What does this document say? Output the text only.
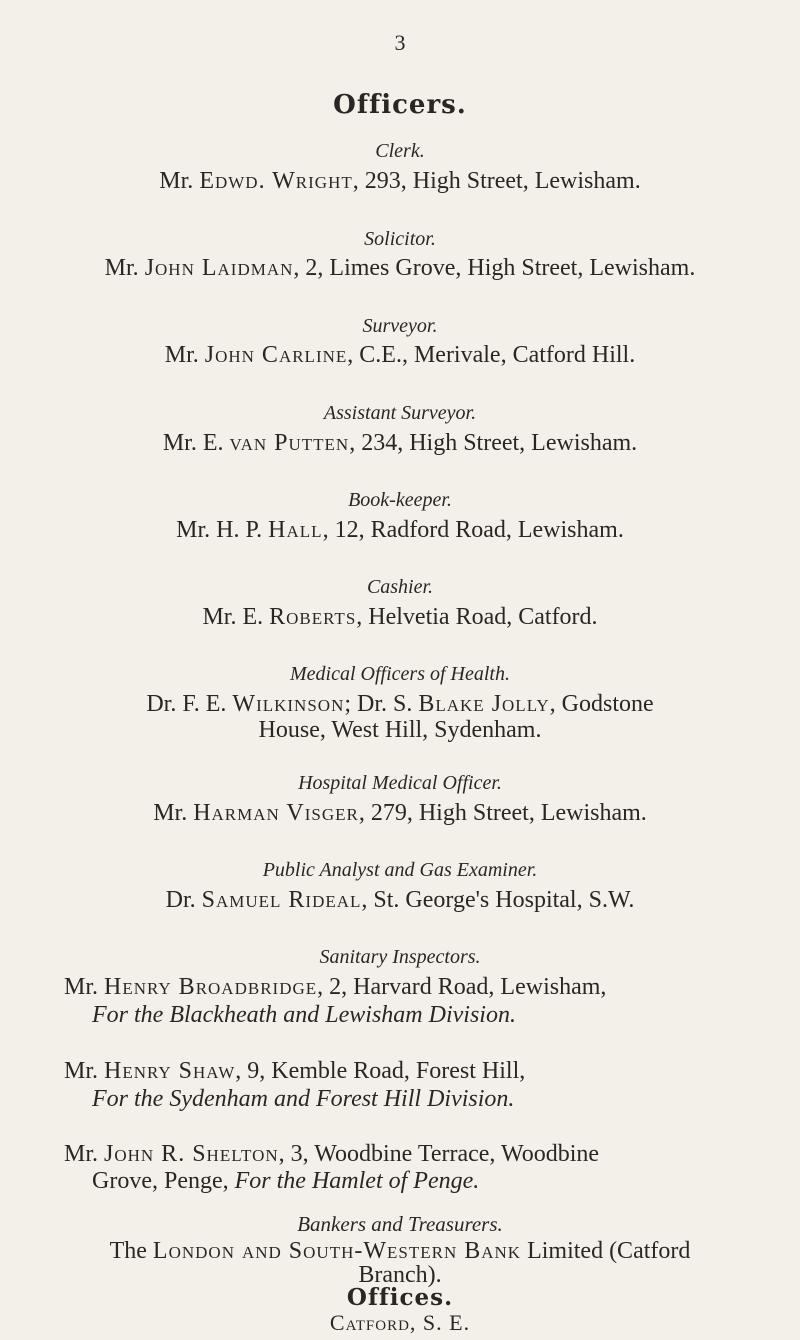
3
Officers.
Clerk.
Mr. Edwd. Wright, 293, High Street, Lewisham.
Solicitor.
Mr. John Laidman, 2, Limes Grove, High Street, Lewisham.
Surveyor.
Mr. John Carline, C.E., Merivale, Catford Hill.
Assistant Surveyor.
Mr. E. van Putten, 234, High Street, Lewisham.
Book-keeper.
Mr. H. P. Hall, 12, Radford Road, Lewisham.
Cashier.
Mr. E. Roberts, Helvetia Road, Catford.
Medical Officers of Health.
Dr. F. E. Wilkinson; Dr. S. Blake Jolly, Godstone
House, West Hill, Sydenham.
Hospital Medical Officer.
Mr. Harman Visger, 279, High Street, Lewisham.
Public Analyst and Gas Examiner.
Dr. Samuel Rideal, St. George's Hospital, S.W.
Sanitary Inspectors.
Mr. Henry Broadbridge, 2, Harvard Road, Lewisham,
For the Blackheath and Lewisham Division.
Mr. Henry Shaw, 9, Kemble Road, Forest Hill,
For the Sydenham and Forest Hill Division.
Mr. John R. Shelton, 3, Woodbine Terrace, Woodbine
Grove, Penge, For the Hamlet of Penge.
Bankers and Treasurers.
The London and South-Western Bank Limited (Catford
Branch).
Offices.
Catford, S. E.
